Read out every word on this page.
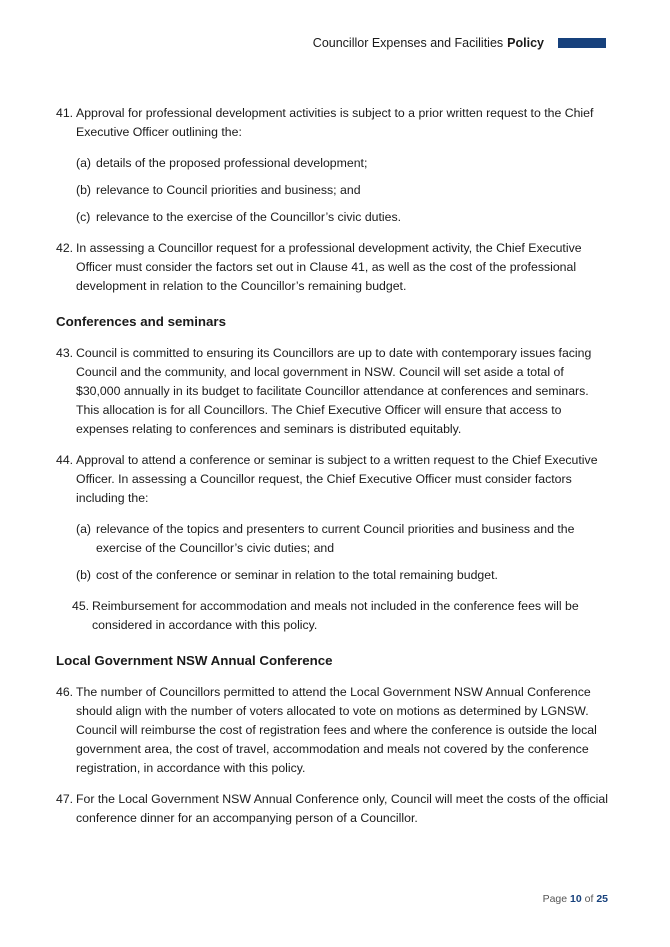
Councillor Expenses and Facilities Policy
41. Approval for professional development activities is subject to a prior written request to the Chief Executive Officer outlining the:
(a) details of the proposed professional development;
(b) relevance to Council priorities and business; and
(c) relevance to the exercise of the Councillor’s civic duties.
42. In assessing a Councillor request for a professional development activity, the Chief Executive Officer must consider the factors set out in Clause 41, as well as the cost of the professional development in relation to the Councillor’s remaining budget.
Conferences and seminars
43. Council is committed to ensuring its Councillors are up to date with contemporary issues facing Council and the community, and local government in NSW. Council will set aside a total of $30,000 annually in its budget to facilitate Councillor attendance at conferences and seminars. This allocation is for all Councillors. The Chief Executive Officer will ensure that access to expenses relating to conferences and seminars is distributed equitably.
44. Approval to attend a conference or seminar is subject to a written request to the Chief Executive Officer. In assessing a Councillor request, the Chief Executive Officer must consider factors including the:
(a) relevance of the topics and presenters to current Council priorities and business and the exercise of the Councillor’s civic duties; and
(b) cost of the conference or seminar in relation to the total remaining budget.
45. Reimbursement for accommodation and meals not included in the conference fees will be considered in accordance with this policy.
Local Government NSW Annual Conference
46. The number of Councillors permitted to attend the Local Government NSW Annual Conference should align with the number of voters allocated to vote on motions as determined by LGNSW. Council will reimburse the cost of registration fees and where the conference is outside the local government area, the cost of travel, accommodation and meals not covered by the conference registration, in accordance with this policy.
47. For the Local Government NSW Annual Conference only, Council will meet the costs of the official conference dinner for an accompanying person of a Councillor.
Page 10 of 25
